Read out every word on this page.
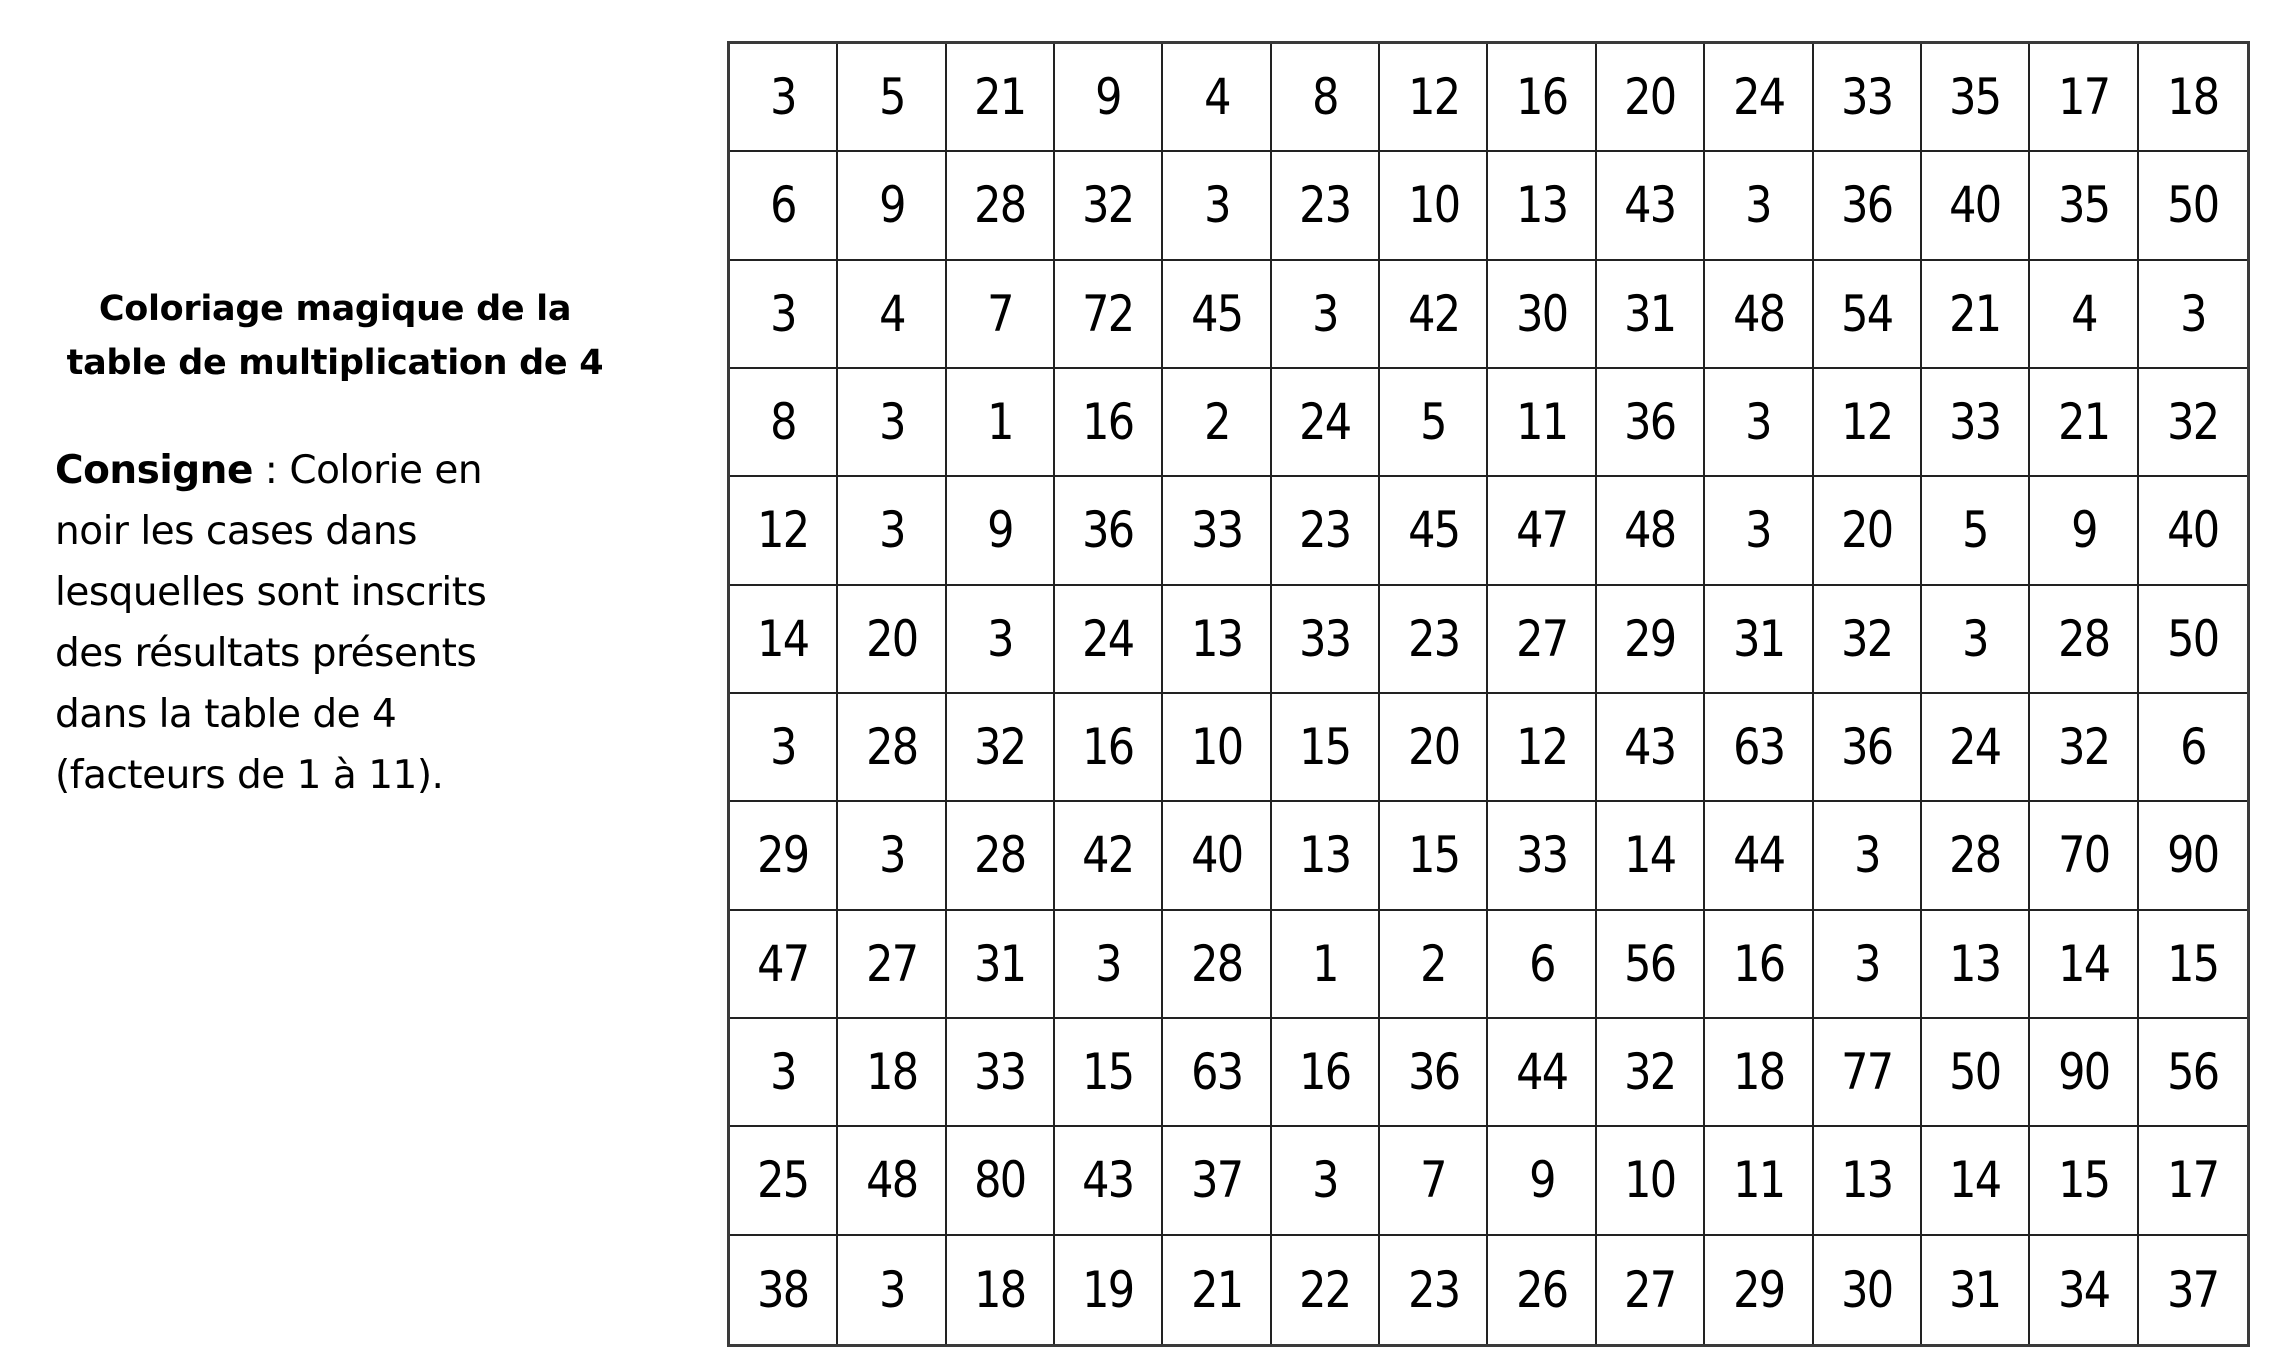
Coloriage magique de la
table de multiplication de 4
Consigne : Colorie en
noir les cases dans
lesquelles sont inscrits
des résultats présents
dans la table de 4
(facteurs de 1 à 11).
3 5 21 9 4 8 12 16 20 24 33 35 17 18
6 9 28 32 3 23 10 13 43 3 36 40 35 50
3 4 7 72 45 3 42 30 31 48 54 21 4 3
8 3 1 16 2 24 5 11 36 3 12 33 21 32
12 3 9 36 33 23 45 47 48 3 20 5 9 40
14 20 3 24 13 33 23 27 29 31 32 3 28 50
3 28 32 16 10 15 20 12 43 63 36 24 32 6
29 3 28 42 40 13 15 33 14 44 3 28 70 90
47 27 31 3 28 1 2 6 56 16 3 13 14 15
3 18 33 15 63 16 36 44 32 18 77 50 90 56
25 48 80 43 37 3 7 9 10 11 13 14 15 17
38 3 18 19 21 22 23 26 27 29 30 31 34 37
